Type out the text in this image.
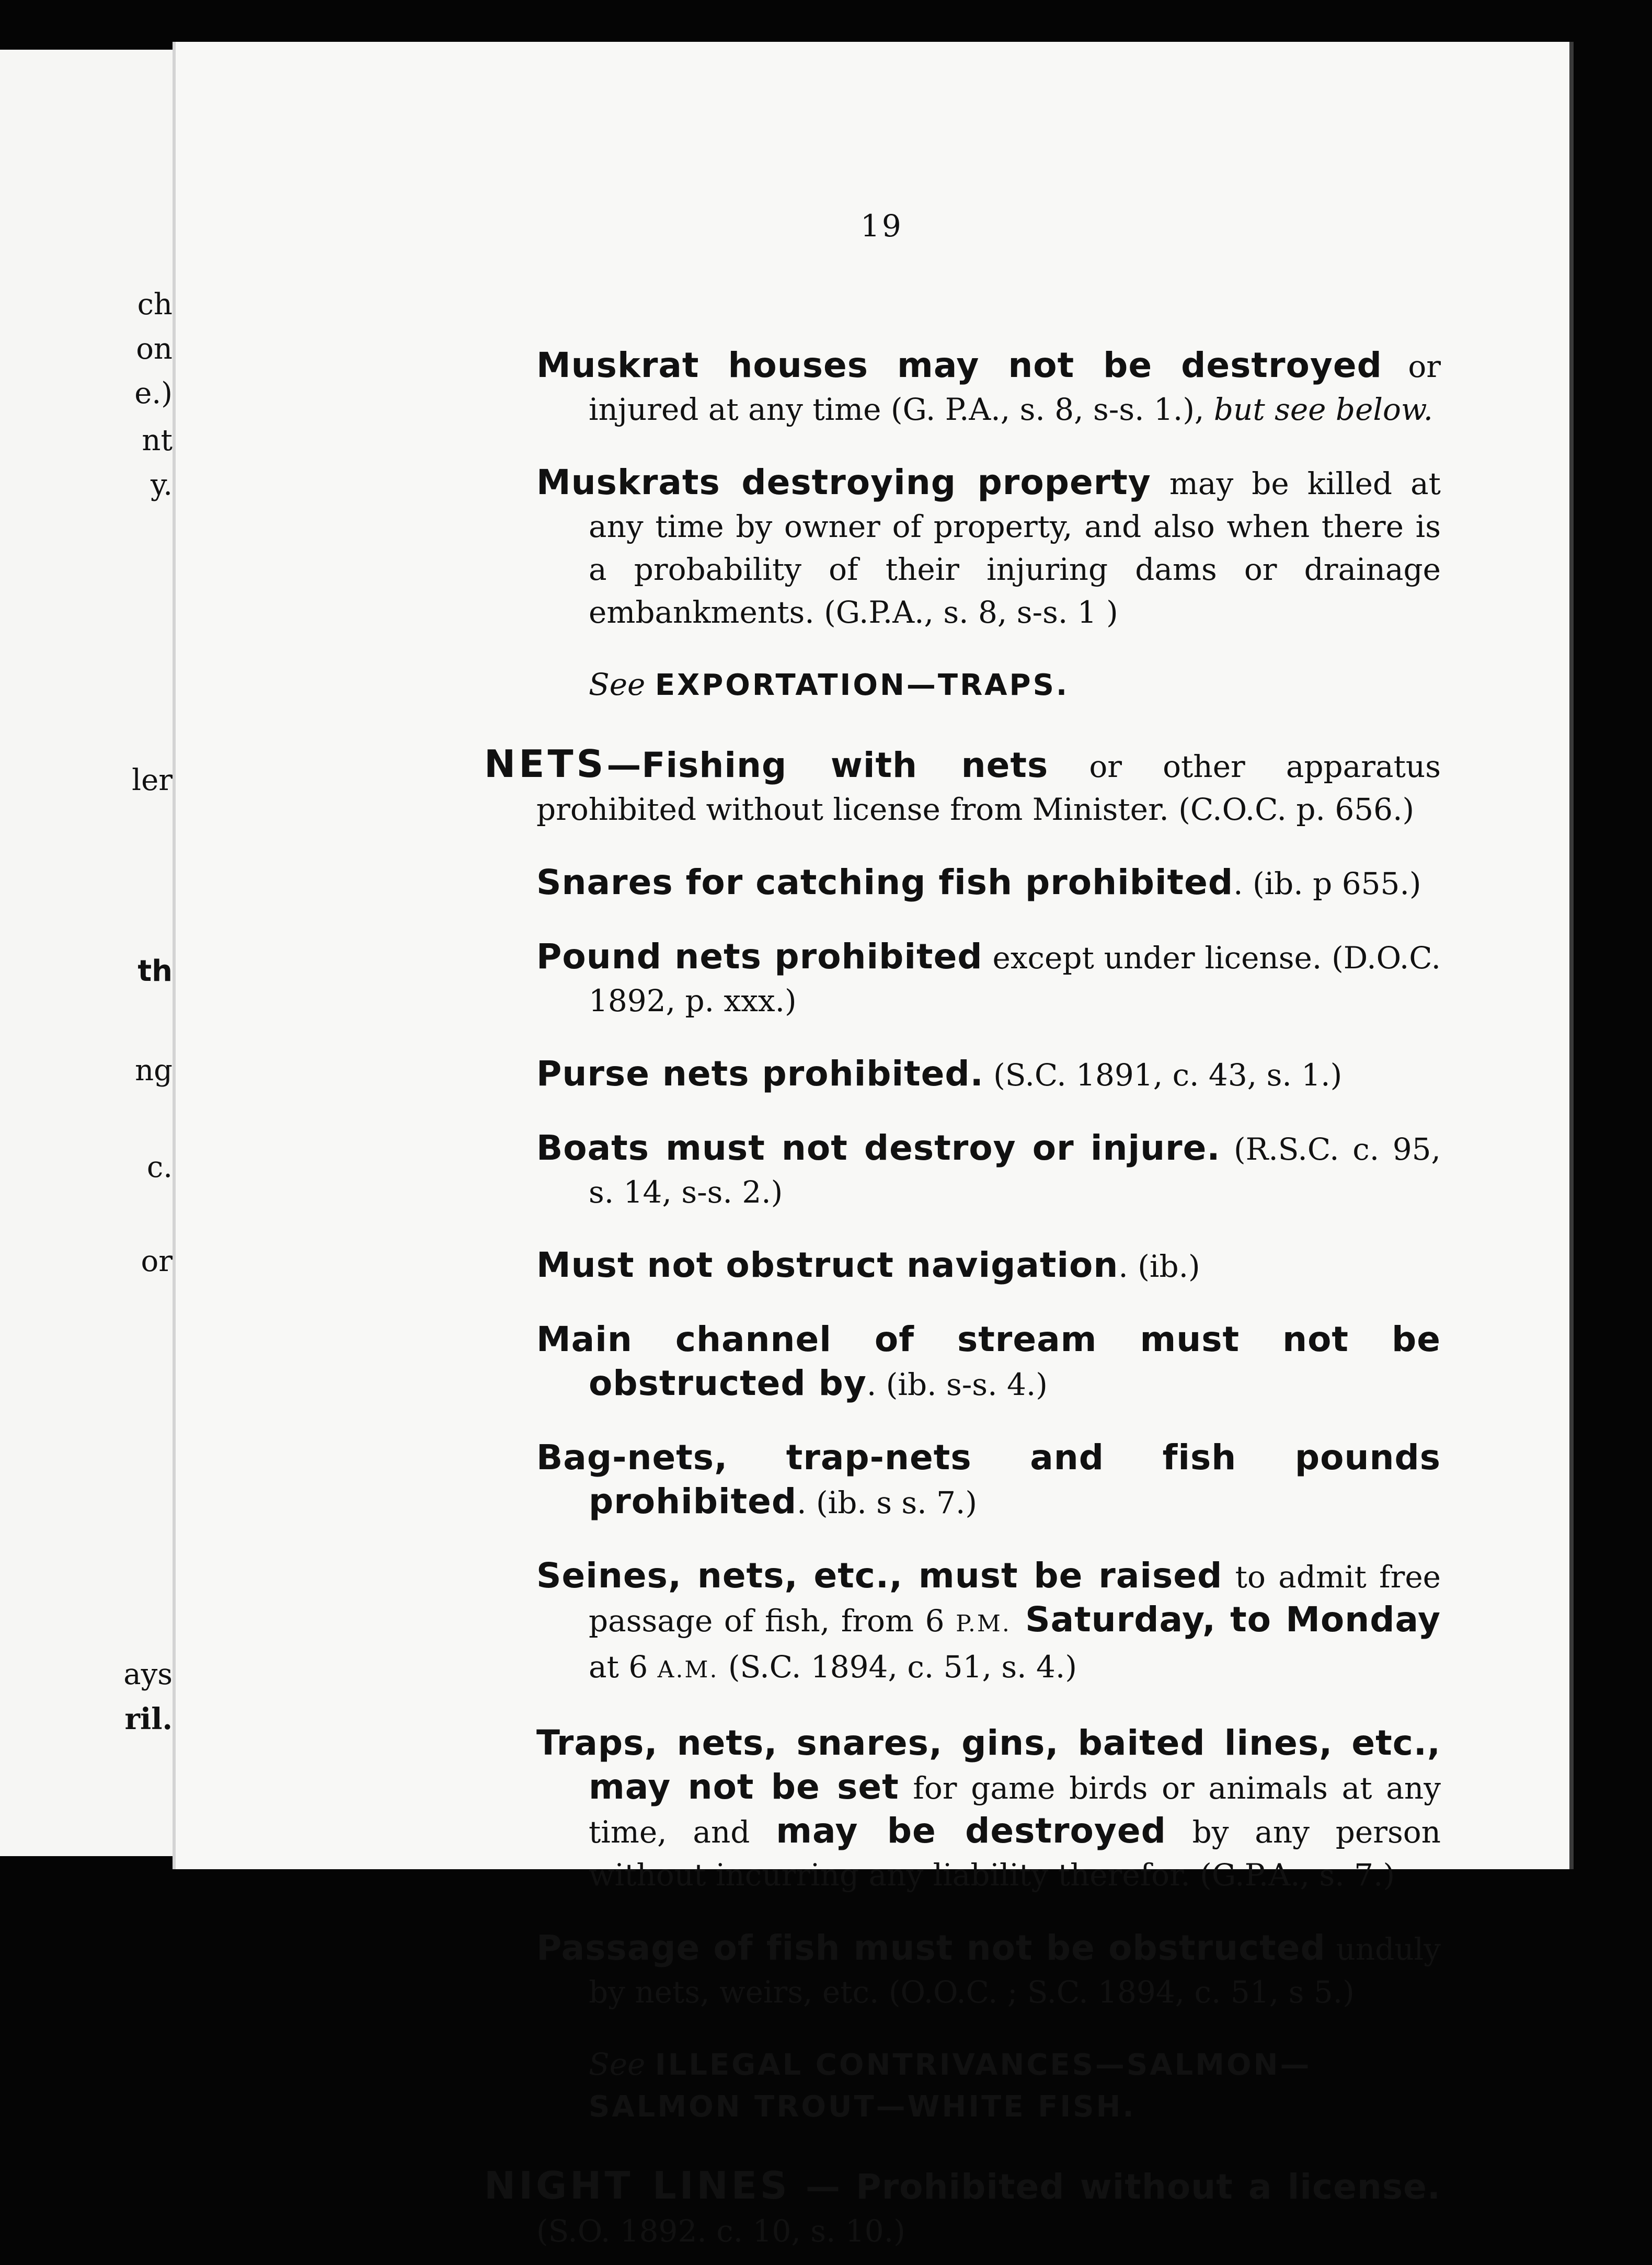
ch
on
e.)
nt
y.
ler
th
ng
c.
or
ays
ril.
19

Muskrat houses may not be destroyed or injured at any time (G. P.A., s. 8, s-s. 1.), but see below.

Muskrats destroying property may be killed at any time by owner of property, and also when there is a probability of their injuring dams or drainage embankments. (G.P.A., s. 8, s-s. 1 )

See EXPORTATION—TRAPS.

NETS—Fishing with nets or other apparatus prohibited without license from Minister. (C.O.C. p. 656.)

Snares for catching fish prohibited. (ib. p 655.)

Pound nets prohibited except under license. (D.O.C. 1892, p. xxx.)

Purse nets prohibited. (S.C. 1891, c. 43, s. 1.)

Boats must not destroy or injure. (R.S.C. c. 95, s. 14, s-s. 2.)

Must not obstruct navigation. (ib.)

Main channel of stream must not be obstructed by. (ib. s-s. 4.)

Bag-nets, trap-nets and fish pounds prohibited. (ib. s s. 7.)

Seines, nets, etc., must be raised to admit free passage of fish, from 6 P.M. Saturday, to Monday at 6 A.M. (S.C. 1894, c. 51, s. 4.)

Traps, nets, snares, gins, baited lines, etc., may not be set for game birds or animals at any time, and may be destroyed by any person without incurring any liability therefor. (G.P.A., s. 7.)

Passage of fish must not be obstructed unduly by nets, weirs, etc. (O.O.C. ; S.C. 1894, c. 51, s 5.)

See ILLEGAL CONTRIVANCES—SALMON—SALMON TROUT—WHITE FISH.

NIGHT LINES — Prohibited without a license. (S.O. 1892. c. 10, s. 10.)
